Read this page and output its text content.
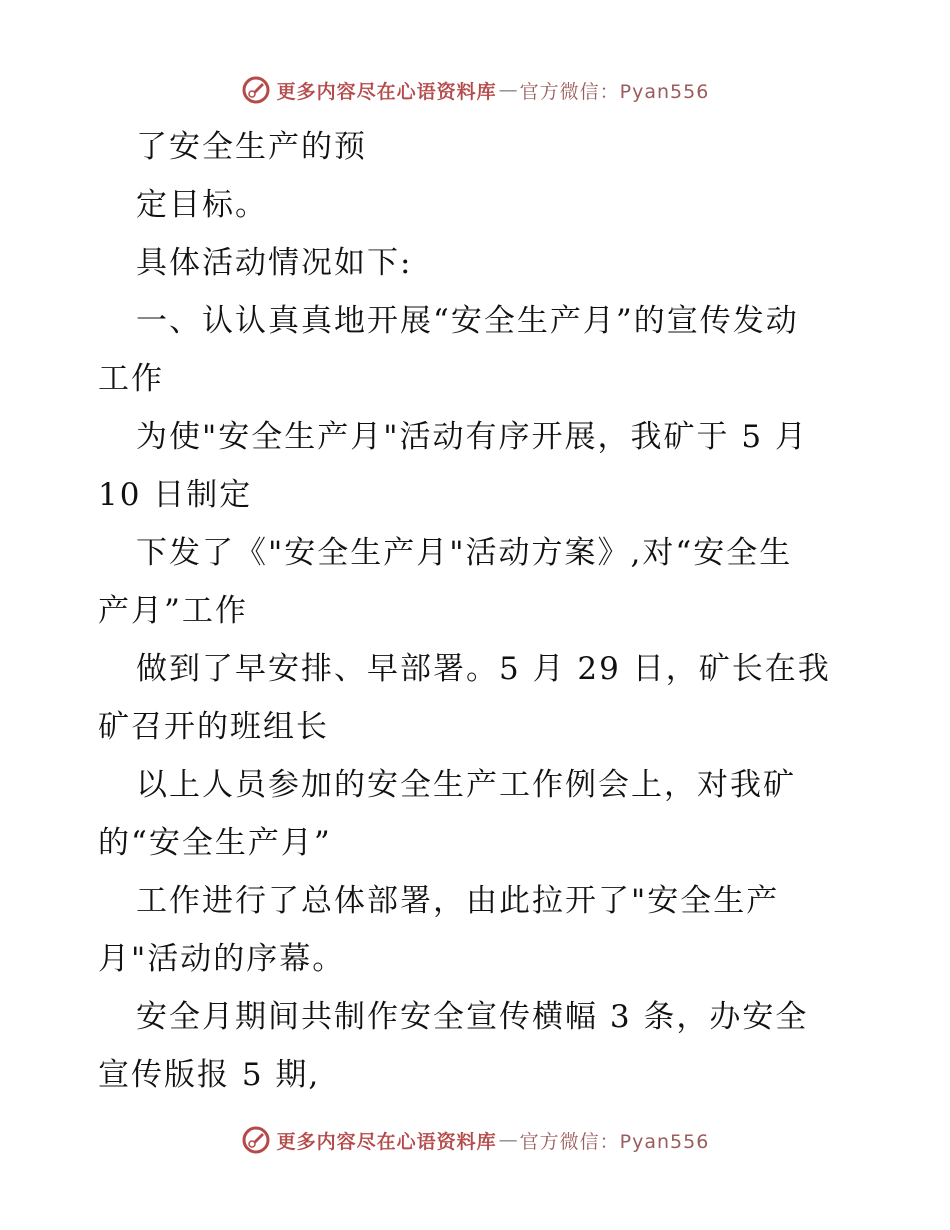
更多内容尽在心语资料库 — 官方微信：Pyan556
了安全生产的预
定目标。
具体活动情况如下:
一、认认真真地开展“安全生产月”的宣传发动
工作
为使"安全生产月"活动有序开展，我矿于 5 月
10 日制定
下发了《"安全生产月"活动方案》,对“安全生
产月”工作
做到了早安排、早部署。5 月 29 日，矿长在我
矿召开的班组长
以上人员参加的安全生产工作例会上，对我矿
的“安全生产月”
工作进行了总体部署，由此拉开了"安全生产
月"活动的序幕。
安全月期间共制作安全宣传横幅 3 条，办安全
宣传版报 5 期,
更多内容尽在心语资料库 — 官方微信：Pyan556
